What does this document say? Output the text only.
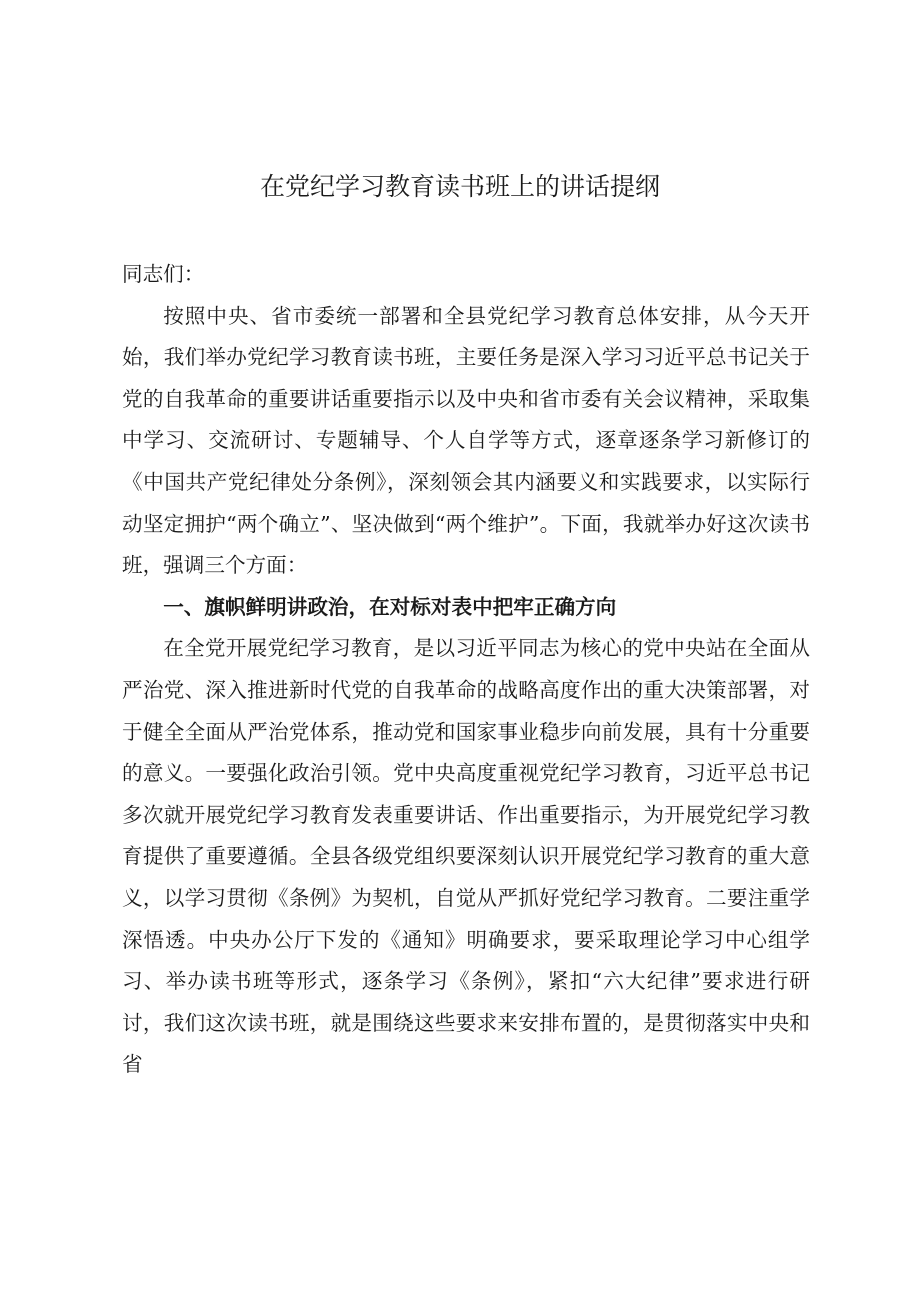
在党纪学习教育读书班上的讲话提纲

同志们：

按照中央、省市委统一部署和全县党纪学习教育总体安排，从今天开始，我们举办党纪学习教育读书班，主要任务是深入学习习近平总书记关于党的自我革命的重要讲话重要指示以及中央和省市委有关会议精神，采取集中学习、交流研讨、专题辅导、个人自学等方式，逐章逐条学习新修订的《中国共产党纪律处分条例》，深刻领会其内涵要义和实践要求，以实际行动坚定拥护“两个确立”、坚决做到“两个维护”。下面，我就举办好这次读书班，强调三个方面：

一、旗帜鲜明讲政治，在对标对表中把牢正确方向

在全党开展党纪学习教育，是以习近平同志为核心的党中央站在全面从严治党、深入推进新时代党的自我革命的战略高度作出的重大决策部署，对于健全全面从严治党体系，推动党和国家事业稳步向前发展，具有十分重要的意义。一要强化政治引领。党中央高度重视党纪学习教育，习近平总书记多次就开展党纪学习教育发表重要讲话、作出重要指示，为开展党纪学习教育提供了重要遵循。全县各级党组织要深刻认识开展党纪学习教育的重大意义，以学习贯彻《条例》为契机，自觉从严抓好党纪学习教育。二要注重学深悟透。中央办公厅下发的《通知》明确要求，要采取理论学习中心组学习、举办读书班等形式，逐条学习《条例》，紧扣“六大纪律”要求进行研讨，我们这次读书班，就是围绕这些要求来安排布置的，是贯彻落实中央和省
